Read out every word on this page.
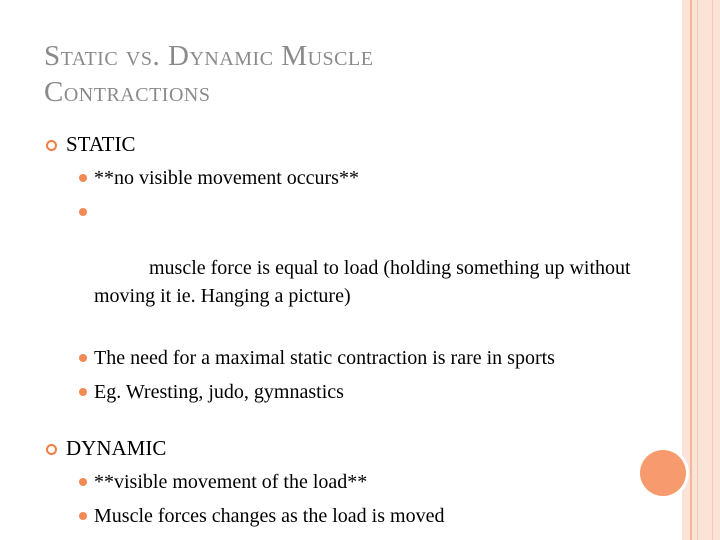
Static vs. Dynamic Muscle
Contractions

STATIC

**no visible movement occurs**

muscle force is equal to load (holding something up without moving it ie. Hanging a picture)

The need for a maximal static contraction is rare in sports
Eg. Wresting, judo, gymnastics

DYNAMIC

**visible movement of the load**
Muscle forces changes as the load is moved
